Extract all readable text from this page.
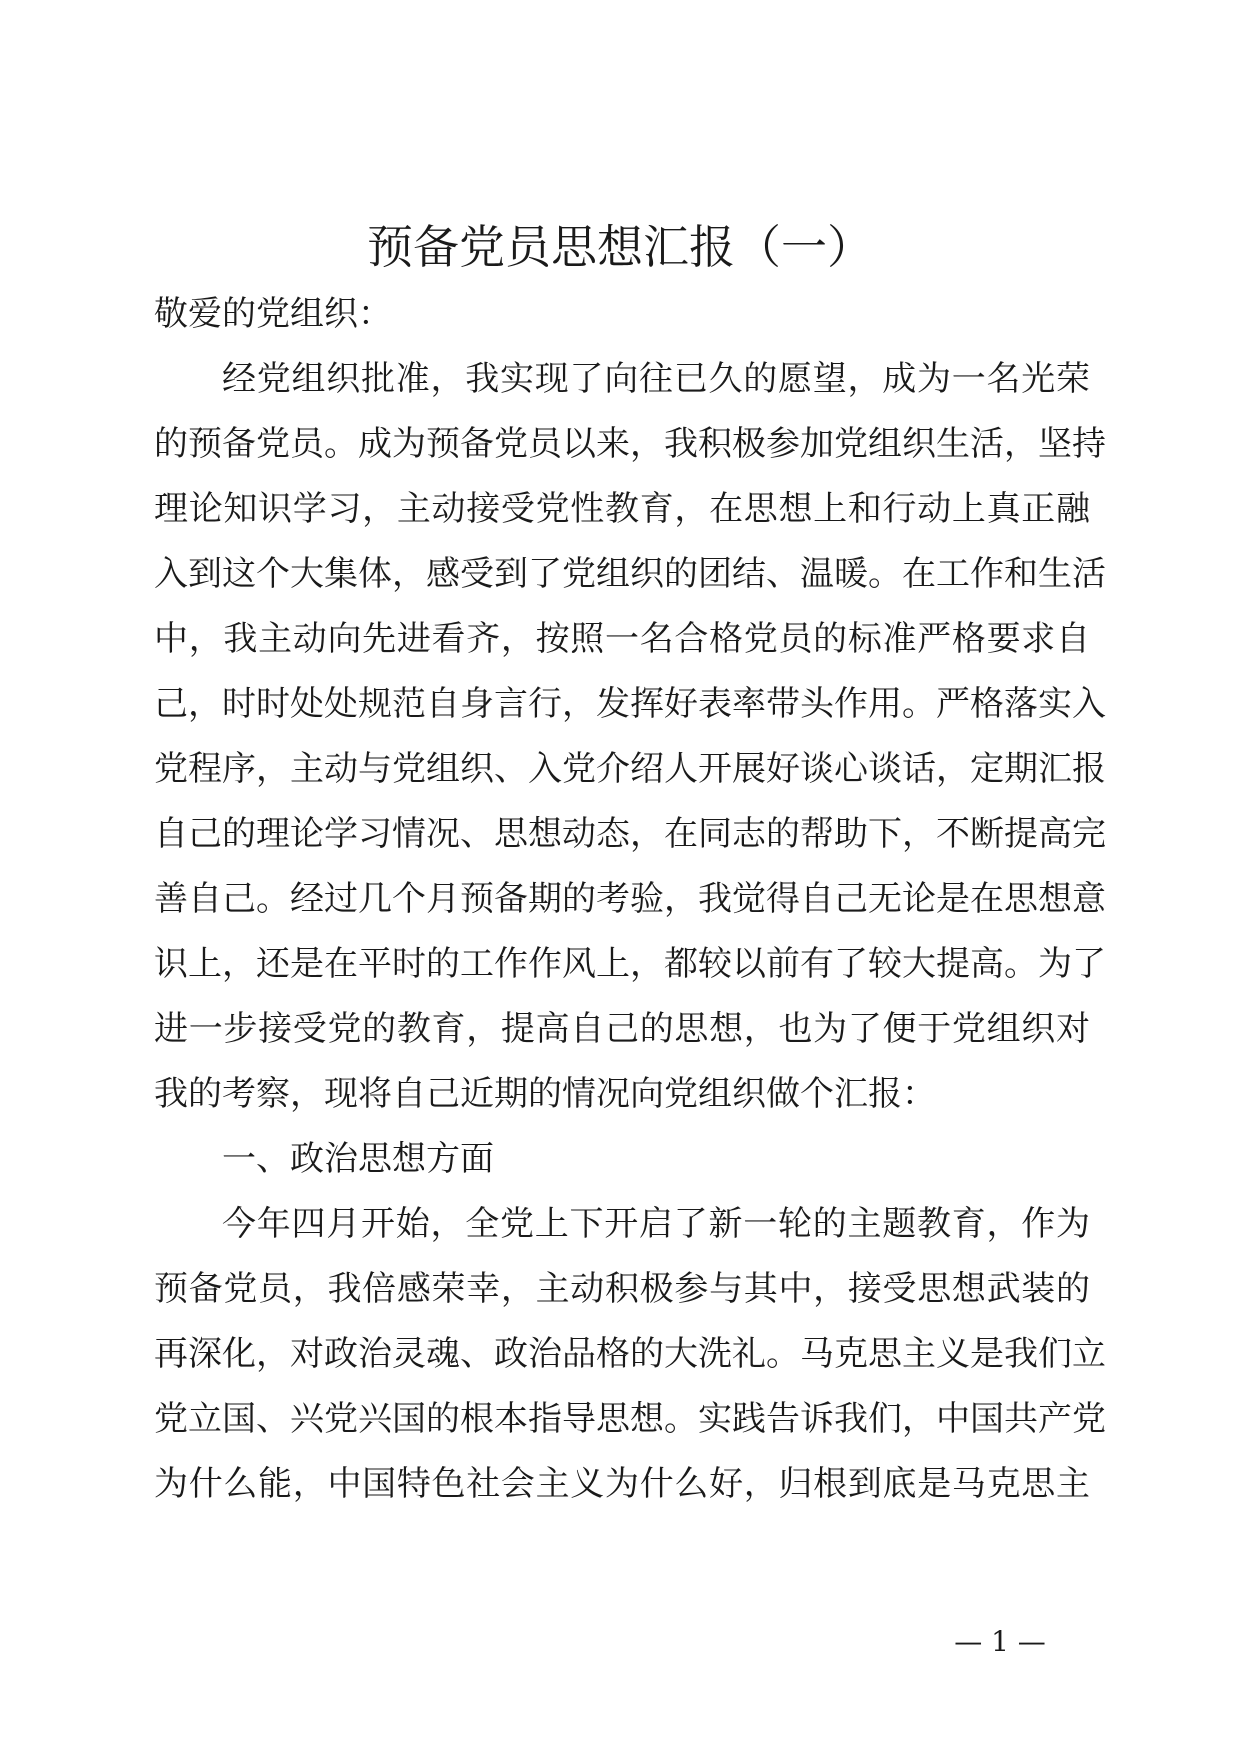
预备党员思想汇报（一）
敬爱的党组织：
经党组织批准，我实现了向往已久的愿望，成为一名光荣
的预备党员。成为预备党员以来，我积极参加党组织生活，坚持
理论知识学习，主动接受党性教育，在思想上和行动上真正融
入到这个大集体，感受到了党组织的团结、温暖。在工作和生活
中，我主动向先进看齐，按照一名合格党员的标准严格要求自
己，时时处处规范自身言行，发挥好表率带头作用。严格落实入
党程序，主动与党组织、入党介绍人开展好谈心谈话，定期汇报
自己的理论学习情况、思想动态，在同志的帮助下，不断提高完
善自己。经过几个月预备期的考验，我觉得自己无论是在思想意
识上，还是在平时的工作作风上，都较以前有了较大提高。为了
进一步接受党的教育，提高自己的思想，也为了便于党组织对
我的考察，现将自己近期的情况向党组织做个汇报：
一、政治思想方面
今年四月开始，全党上下开启了新一轮的主题教育，作为
预备党员，我倍感荣幸，主动积极参与其中，接受思想武装的
再深化，对政治灵魂、政治品格的大洗礼。马克思主义是我们立
党立国、兴党兴国的根本指导思想。实践告诉我们，中国共产党
为什么能，中国特色社会主义为什么好，归根到底是马克思主
— 1 —
